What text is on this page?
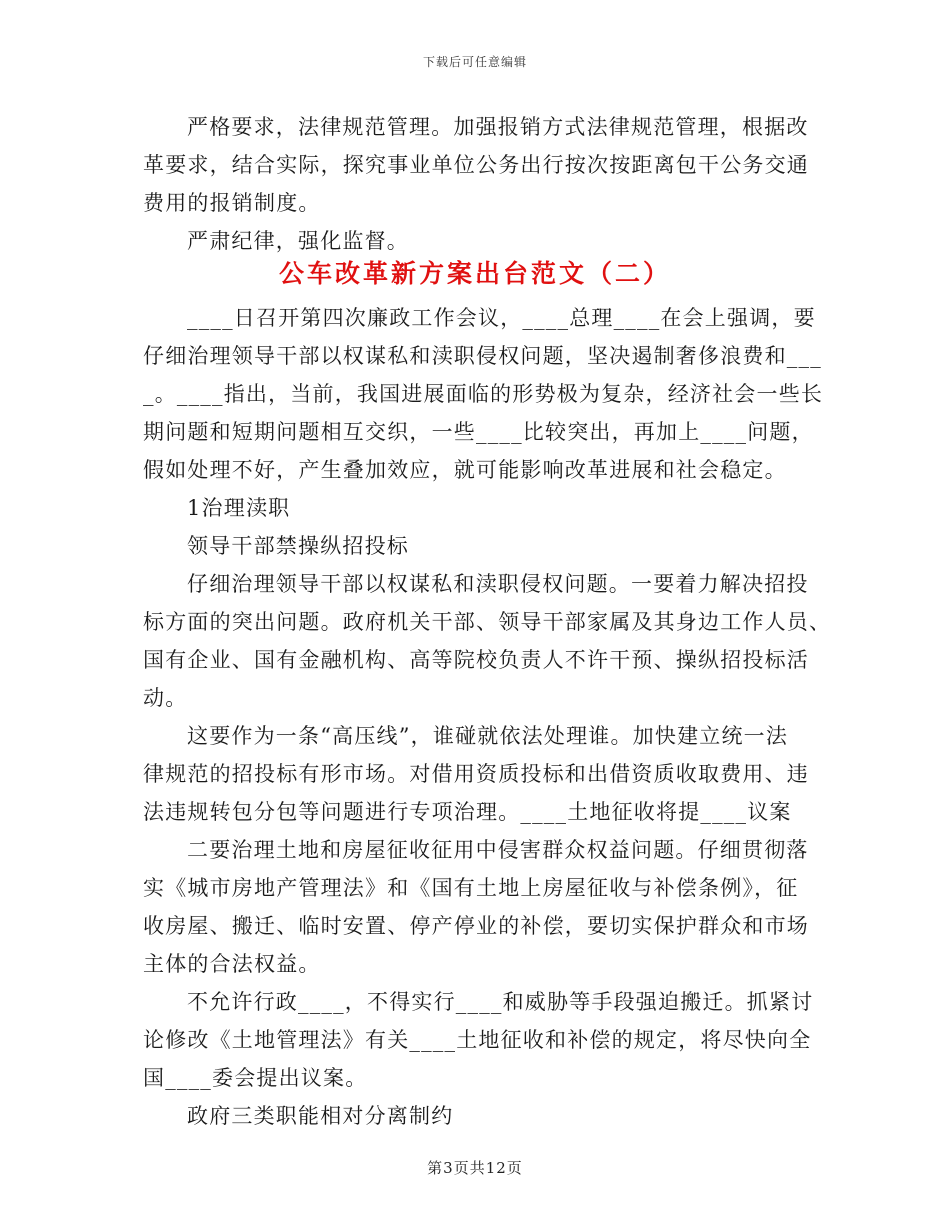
下载后可任意编辑
严格要求，法律规范管理。加强报销方式法律规范管理，根据改
革要求，结合实际，探究事业单位公务出行按次按距离包干公务交通
费用的报销制度。
严肃纪律，强化监督。
公车改革新方案出台范文（二）
____日召开第四次廉政工作会议，____总理____在会上强调，要
仔细治理领导干部以权谋私和渎职侵权问题，坚决遏制奢侈浪费和___
_。____指出，当前，我国进展面临的形势极为复杂，经济社会一些长
期问题和短期问题相互交织，一些____比较突出，再加上____问题，
假如处理不好，产生叠加效应，就可能影响改革进展和社会稳定。
1治理渎职
领导干部禁操纵招投标
仔细治理领导干部以权谋私和渎职侵权问题。一要着力解决招投
标方面的突出问题。政府机关干部、领导干部家属及其身边工作人员、
国有企业、国有金融机构、高等院校负责人不许干预、操纵招投标活
动。
这要作为一条“高压线”，谁碰就依法处理谁。加快建立统一法
律规范的招投标有形市场。对借用资质投标和出借资质收取费用、违
法违规转包分包等问题进行专项治理。____土地征收将提____议案
二要治理土地和房屋征收征用中侵害群众权益问题。仔细贯彻落
实《城市房地产管理法》和《国有土地上房屋征收与补偿条例》，征
收房屋、搬迁、临时安置、停产停业的补偿，要切实保护群众和市场
主体的合法权益。
不允许行政____，不得实行____和威胁等手段强迫搬迁。抓紧讨
论修改《土地管理法》有关____土地征收和补偿的规定，将尽快向全
国____委会提出议案。
政府三类职能相对分离制约
第3页共12页
